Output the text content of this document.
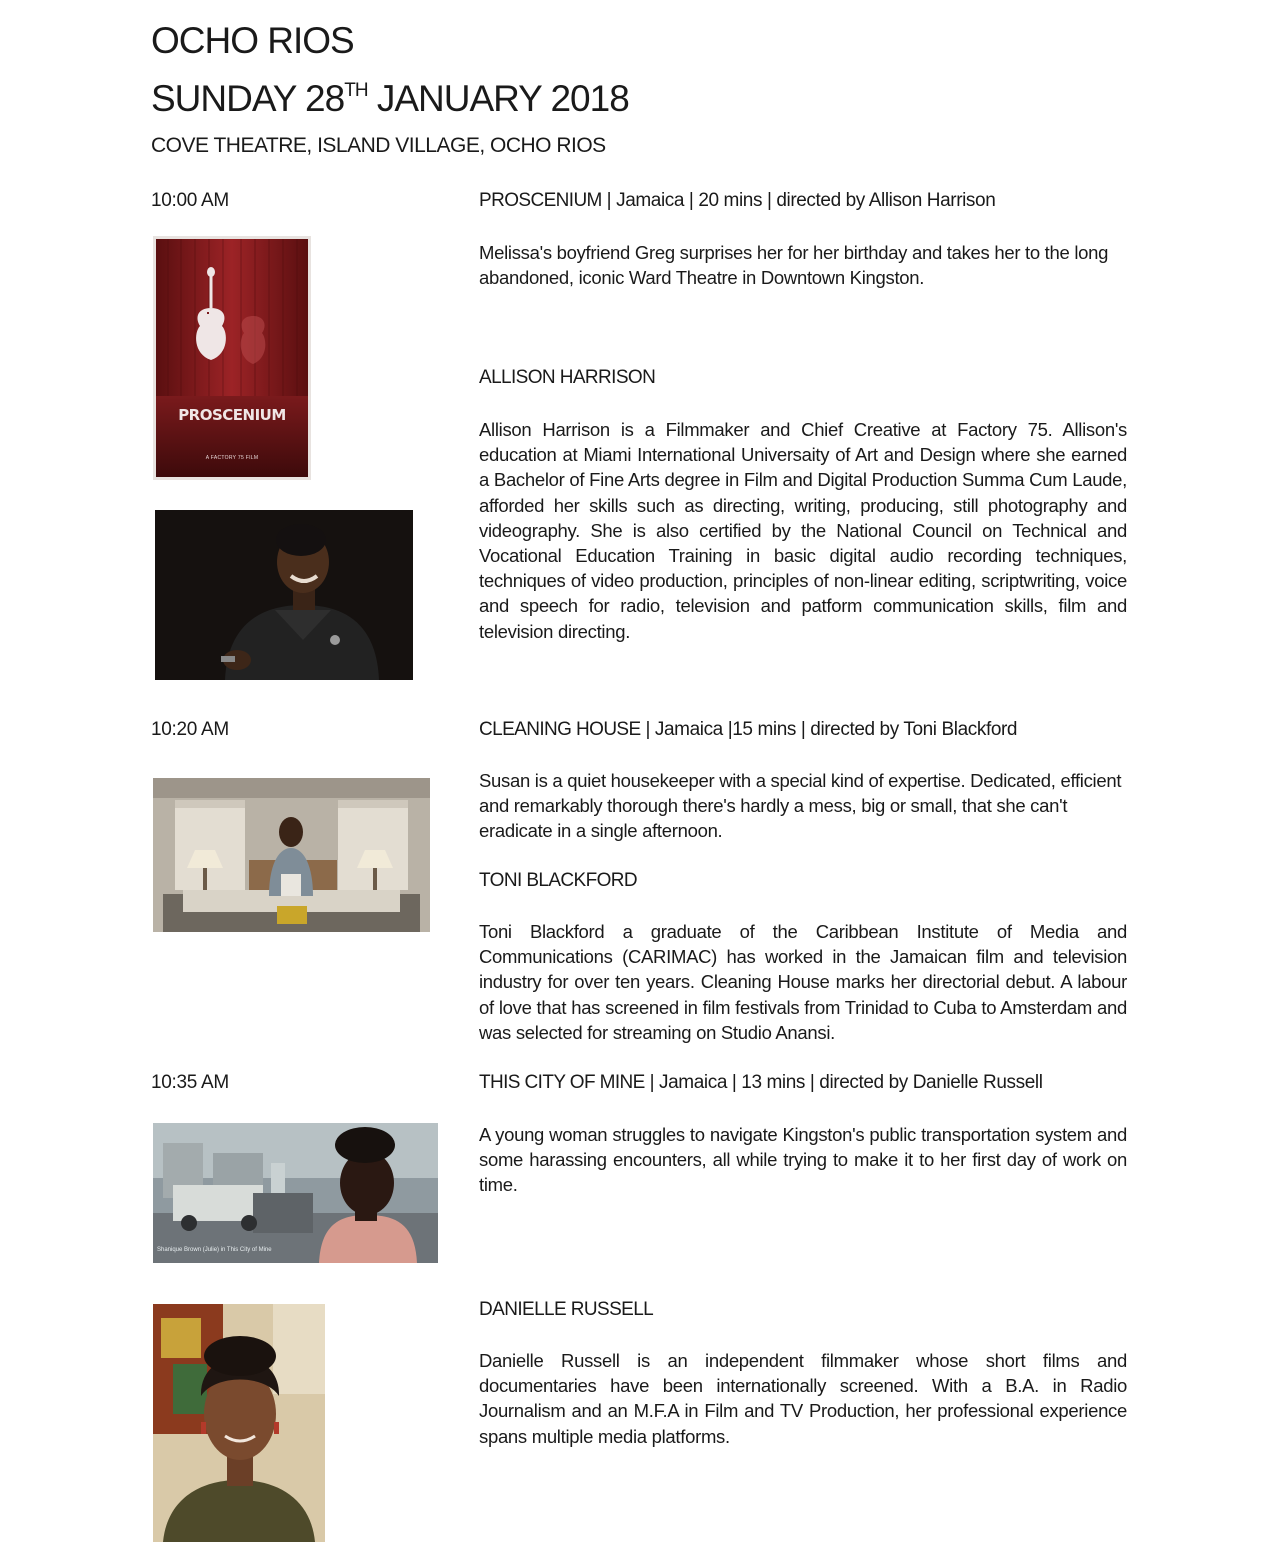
OCHO RIOS
SUNDAY 28TH JANUARY 2018
COVE THEATRE, ISLAND VILLAGE, OCHO RIOS
10:00 AM	PROSCENIUM | Jamaica | 20 mins | directed by Allison Harrison

Melissa's boyfriend Greg surprises her for her birthday and takes her to the long abandoned, iconic Ward Theatre in Downtown Kingston.

ALLISON HARRISON

Allison Harrison is a Filmmaker and Chief Creative at Factory 75. Allison's education at Miami International Universaity of Art and Design where she earned a Bachelor of Fine Arts degree in Film and Digital Production Summa Cum Laude, afforded her skills such as directing, writing, producing, still photography and videography. She is also certified by the National Council on Technical and Vocational Education Training in basic digital audio recording techniques, techniques of video production, principles of non-linear editing, scriptwriting, voice and speech for radio, television and patform communication skills, film and television directing.

PROSCENIUM
A FACTORY 75 FILM
10:20 AM	CLEANING HOUSE | Jamaica |15 mins | directed by Toni Blackford

Susan is a quiet housekeeper with a special kind of expertise. Dedicated, efficient and remarkably thorough there's hardly a mess, big or small, that she can't eradicate in a single afternoon.

TONI BLACKFORD

Toni Blackford a graduate of the Caribbean Institute of Media and Communications (CARIMAC) has worked in the Jamaican film and television industry for over ten years. Cleaning House marks her directorial debut. A labour of love that has screened in film festivals from Trinidad to Cuba to Amsterdam and was selected for streaming on Studio Anansi.

10:35 AM	THIS CITY OF MINE | Jamaica | 13 mins | directed by Danielle Russell

A young woman struggles to navigate Kingston's public transportation system and some harassing encounters, all while trying to make it to her first day of work on time.

DANIELLE RUSSELL

Danielle Russell is an independent filmmaker whose short films and documentaries have been internationally screened. With a B.A. in Radio Journalism and an M.F.A in Film and TV Production, her professional experience spans multiple media platforms.

Shanique Brown (Julie) in This City of Mine
